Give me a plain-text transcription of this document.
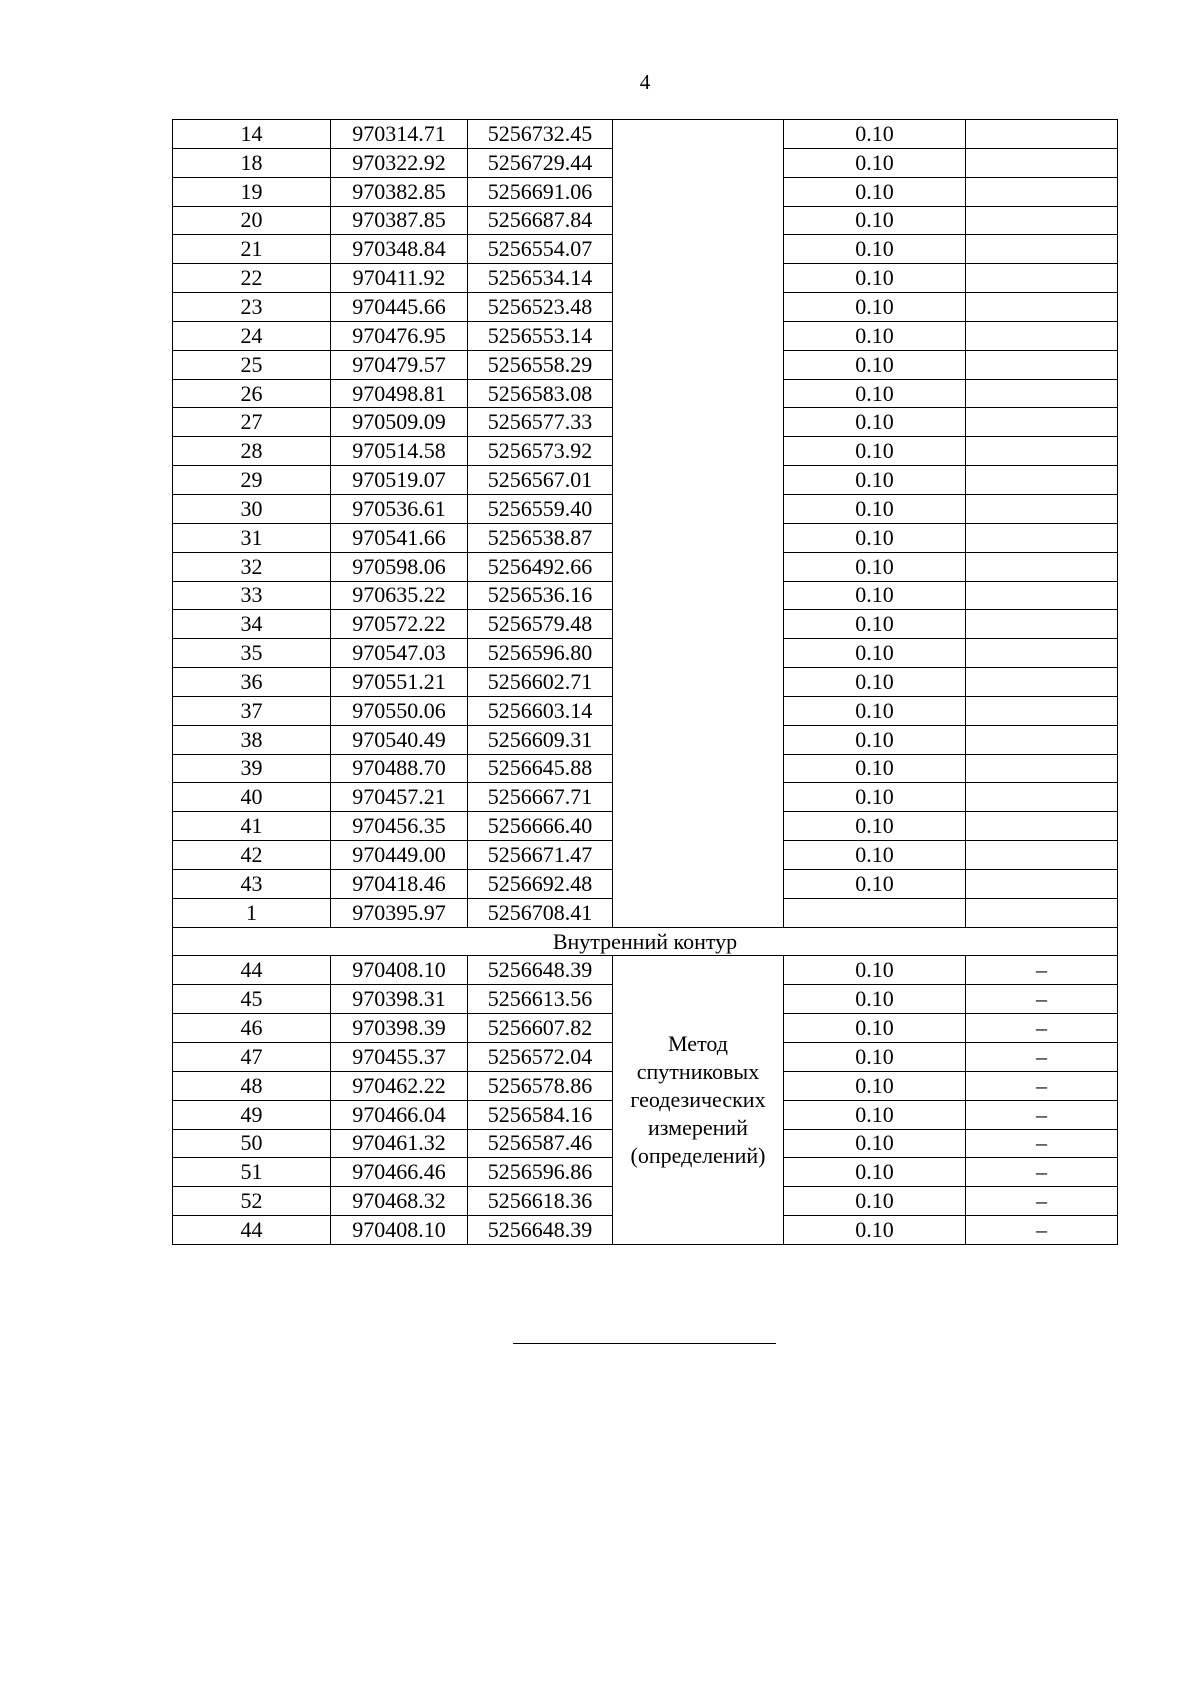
4
14	970314.71	5256732.45		0.10	
18	970322.92	5256729.44		0.10	
19	970382.85	5256691.06		0.10	
20	970387.85	5256687.84		0.10	
21	970348.84	5256554.07		0.10	
22	970411.92	5256534.14		0.10	
23	970445.66	5256523.48		0.10	
24	970476.95	5256553.14		0.10	
25	970479.57	5256558.29		0.10	
26	970498.81	5256583.08		0.10	
27	970509.09	5256577.33		0.10	
28	970514.58	5256573.92		0.10	
29	970519.07	5256567.01		0.10	
30	970536.61	5256559.40		0.10	
31	970541.66	5256538.87		0.10	
32	970598.06	5256492.66		0.10	
33	970635.22	5256536.16		0.10	
34	970572.22	5256579.48		0.10	
35	970547.03	5256596.80		0.10	
36	970551.21	5256602.71		0.10	
37	970550.06	5256603.14		0.10	
38	970540.49	5256609.31		0.10	
39	970488.70	5256645.88		0.10	
40	970457.21	5256667.71		0.10	
41	970456.35	5256666.40		0.10	
42	970449.00	5256671.47		0.10	
43	970418.46	5256692.48		0.10	
1	970395.97	5256708.41			
Внутренний контур					
44	970408.10	5256648.39	Метод спутниковых геодезических измерений (определений)	0.10	–
45	970398.31	5256613.56		0.10	–
46	970398.39	5256607.82		0.10	–
47	970455.37	5256572.04		0.10	–
48	970462.22	5256578.86		0.10	–
49	970466.04	5256584.16		0.10	–
50	970461.32	5256587.46		0.10	–
51	970466.46	5256596.86		0.10	–
52	970468.32	5256618.36		0.10	–
44	970408.10	5256648.39		0.10	–
